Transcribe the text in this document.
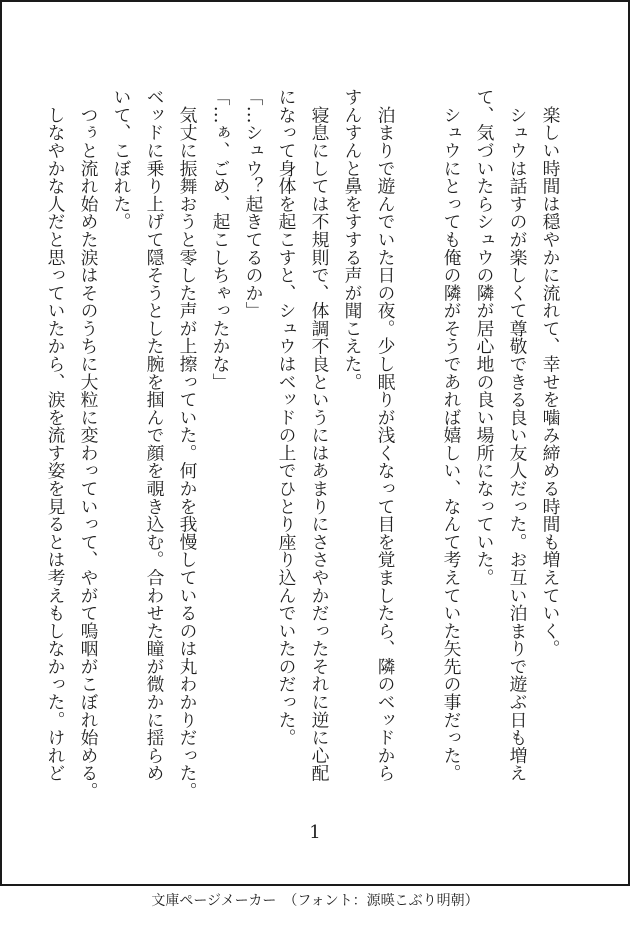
　楽しい時間は穏やかに流れて、幸せを噛み締める時間も増えていく。

　シュウは話すのが楽しくて尊敬できる良い友人だった。お互い泊まりで遊ぶ日も増えて、気づいたらシュウの隣が居心地の良い場所になっていた。

　シュウにとっても俺の隣がそうであれば嬉しい、なんて考えていた矢先の事だった。

　泊まりで遊んでいた日の夜。少し眠りが浅くなって目を覚ましたら、隣のベッドからすんすんと鼻をすする声が聞こえた。

　寝息にしては不規則で、体調不良というにはあまりにささやかだったそれに逆に心配になって身体を起こすと、シュウはベッドの上でひとり座り込んでいたのだった。

「…シュウ？起きてるのか」

「…ぁ、ごめ、起こしちゃったかな」

　気丈に振舞おうと零した声が上擦っていた。何かを我慢しているのは丸わかりだった。

ベッドに乗り上げて隠そうとした腕を掴んで顔を覗き込む。合わせた瞳が微かに揺らめいて、こぼれた。

　つぅと流れ始めた涙はそのうちに大粒に変わっていって、やがて嗚咽がこぼれ始める。

　しなやかな人だと思っていたから、涙を流す姿を見るとは考えもしなかった。けれど

1
文庫ページメーカー　（フォント：源暎こぶり明朝）
